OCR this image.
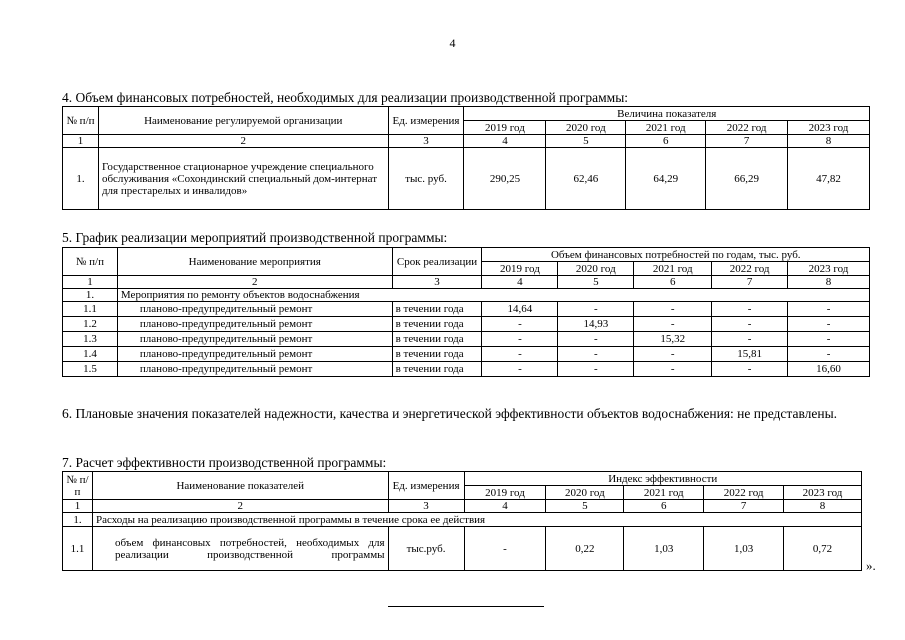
4
4. Объем финансовых потребностей, необходимых для реализации производственной программы:
№ п/п	Наименование регулируемой организации	Ед. измерения	Величина показателя				
			2019 год	2020 год	2021 год	2022 год	2023 год
1	2	3	4	5	6	7	8
1.	Государственное стационарное учреждение специального обслуживания «Сохондинский специальный дом-интернат для престарелых и инвалидов»	тыс. руб.	290,25	62,46	64,29	66,29	47,82
5. График реализации мероприятий производственной программы:
№ п/п	Наименование мероприятия	Срок реализации	Объем финансовых потребностей по годам, тыс. руб.				
			2019 год	2020 год	2021 год	2022 год	2023 год
1	2	3	4	5	6	7	8
1.	Мероприятия по ремонту объектов водоснабжения						
1.1	планово-предупредительный ремонт	в течении года	14,64	-	-	-	-
1.2	планово-предупредительный ремонт	в течении года	-	14,93	-	-	-
1.3	планово-предупредительный ремонт	в течении года	-	-	15,32	-	-
1.4	планово-предупредительный ремонт	в течении года	-	-	-	15,81	-
1.5	планово-предупредительный ремонт	в течении года	-	-	-	-	16,60
6. Плановые значения показателей надежности, качества и энергетической эффективности объектов водоснабжения: не представлены.
7. Расчет эффективности производственной программы:
№ п/п	Наименование показателей	Ед. измерения	Индекс эффективности				
			2019 год	2020 год	2021 год	2022 год	2023 год
1	2	3	4	5	6	7	8
1.	Расходы на реализацию производственной программы в течение срока ее действия						
1.1	объем финансовых потребностей, необходимых для реализации производственной программы	тыс.руб.	-	0,22	1,03	1,03	0,72
».
